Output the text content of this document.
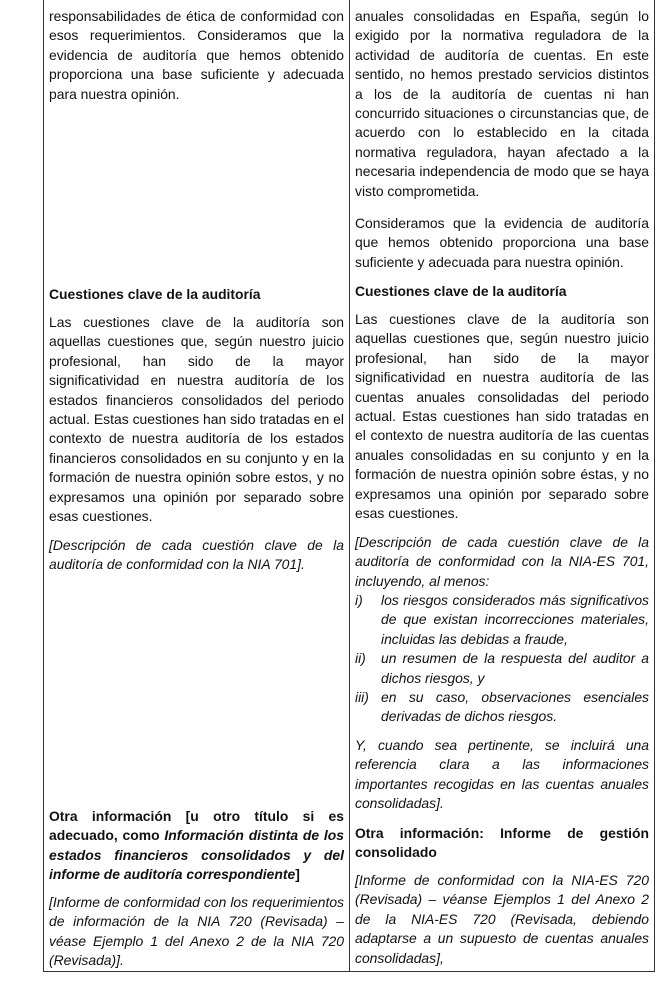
responsabilidades de ética de conformidad con esos requerimientos. Consideramos que la evidencia de auditoría que hemos obtenido proporciona una base suficiente y adecuada para nuestra opinión.

Cuestiones clave de la auditoría

Las cuestiones clave de la auditoría son aquellas cuestiones que, según nuestro juicio profesional, han sido de la mayor significatividad en nuestra auditoría de los estados financieros consolidados del periodo actual. Estas cuestiones han sido tratadas en el contexto de nuestra auditoría de los estados financieros consolidados en su conjunto y en la formación de nuestra opinión sobre estos, y no expresamos una opinión por separado sobre esas cuestiones.

[Descripción de cada cuestión clave de la auditoría de conformidad con la NIA 701].

Otra información [u otro título si es adecuado, como Información distinta de los estados financieros consolidados y del informe de auditoría correspondiente]

[Informe de conformidad con los requerimientos de información de la NIA 720 (Revisada) – véase Ejemplo 1 del Anexo 2 de la NIA 720 (Revisada)].

anuales consolidadas en España, según lo exigido por la normativa reguladora de la actividad de auditoría de cuentas. En este sentido, no hemos prestado servicios distintos a los de la auditoría de cuentas ni han concurrido situaciones o circunstancias que, de acuerdo con lo establecido en la citada normativa reguladora, hayan afectado a la necesaria independencia de modo que se haya visto comprometida.

Consideramos que la evidencia de auditoría que hemos obtenido proporciona una base suficiente y adecuada para nuestra opinión.

Cuestiones clave de la auditoría

Las cuestiones clave de la auditoría son aquellas cuestiones que, según nuestro juicio profesional, han sido de la mayor significatividad en nuestra auditoría de las cuentas anuales consolidadas del periodo actual. Estas cuestiones han sido tratadas en el contexto de nuestra auditoría de las cuentas anuales consolidadas en su conjunto y en la formación de nuestra opinión sobre éstas, y no expresamos una opinión por separado sobre esas cuestiones.

[Descripción de cada cuestión clave de la auditoría de conformidad con la NIA-ES 701, incluyendo, al menos:

i) los riesgos considerados más significativos de que existan incorrecciones materiales, incluidas las debidas a fraude,
ii) un resumen de la respuesta del auditor a dichos riesgos, y
iii) en su caso, observaciones esenciales derivadas de dichos riesgos.

Y, cuando sea pertinente, se incluirá una referencia clara a las informaciones importantes recogidas en las cuentas anuales consolidadas].

Otra información: Informe de gestión consolidado

[Informe de conformidad con la NIA-ES 720 (Revisada) – véanse Ejemplos 1 del Anexo 2 de la NIA-ES 720 (Revisada, debiendo adaptarse a un supuesto de cuentas anuales consolidadas],
